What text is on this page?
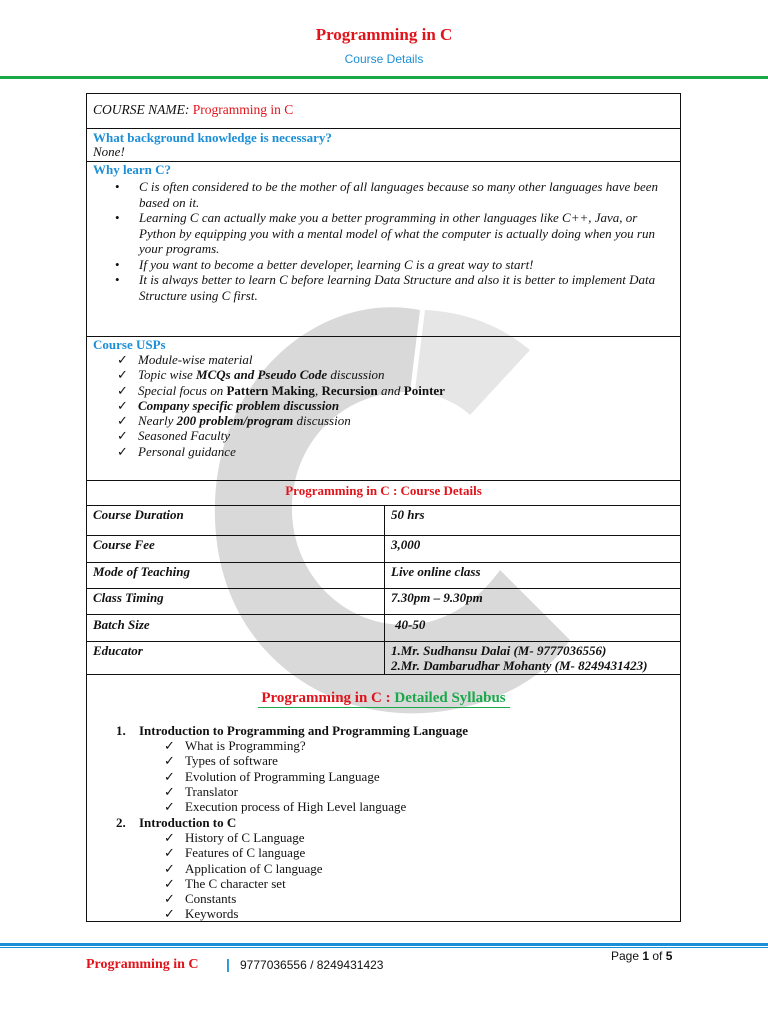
Programming in C
Course Details
COURSE NAME: Programming in C
What background knowledge is necessary?
None!
Why learn C?
• C is often considered to be the mother of all languages because so many other languages have been based on it.
• Learning C can actually make you a better programming in other languages like C++, Java, or Python by equipping you with a mental model of what the computer is actually doing when you run your programs.
• If you want to become a better developer, learning C is a great way to start!
• It is always better to learn C before learning Data Structure and also it is better to implement Data Structure using C first.
Course USPs
✓ Module-wise material
✓ Topic wise MCQs and Pseudo Code discussion
✓ Special focus on Pattern Making, Recursion and Pointer
✓ Company specific problem discussion
✓ Nearly 200 problem/program discussion
✓ Seasoned Faculty
✓ Personal guidance
Programming in C : Course Details
Course Duration	50 hrs
Course Fee	3,000
Mode of Teaching	Live online class
Class Timing	7.30pm – 9.30pm
Batch Size	40-50
Educator	1.Mr. Sudhansu Dalai (M- 9777036556)
2.Mr. Dambarudhar Mohanty (M- 8249431423)
Programming in C : Detailed Syllabus
1. Introduction to Programming and Programming Language
✓ What is Programming?
✓ Types of software
✓ Evolution of Programming Language
✓ Translator
✓ Execution process of High Level language
2. Introduction to C
✓ History of C Language
✓ Features of C language
✓ Application of C language
✓ The C character set
✓ Constants
✓ Keywords
Page 1 of 5
Programming in C | 9777036556 / 8249431423
